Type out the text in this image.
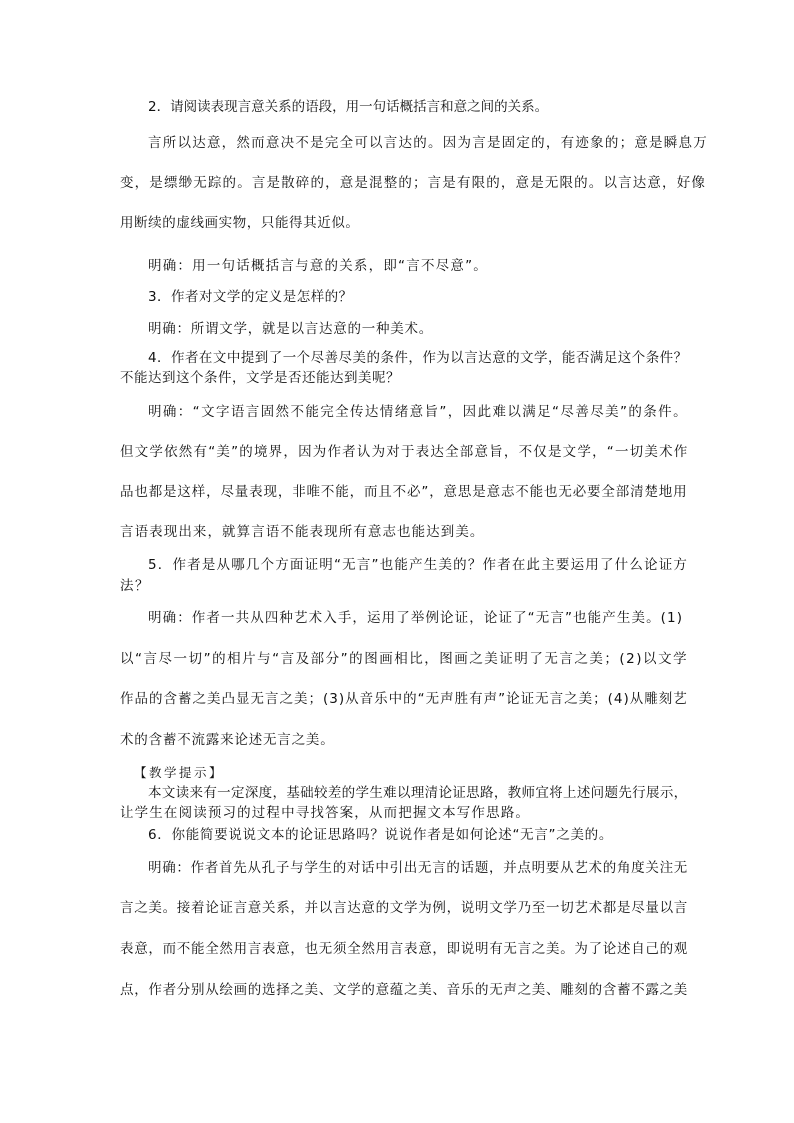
2．请阅读表现言意关系的语段，用一句话概括言和意之间的关系。
言所以达意，然而意决不是完全可以言达的。因为言是固定的，有迹象的；意是瞬息万
变，是缥缈无踪的。言是散碎的，意是混整的；言是有限的，意是无限的。以言达意，好像
用断续的虚线画实物，只能得其近似。
明确：用一句话概括言与意的关系，即“言不尽意”。
3．作者对文学的定义是怎样的？
明确：所谓文学，就是以言达意的一种美术。
4．作者在文中提到了一个尽善尽美的条件，作为以言达意的文学，能否满足这个条件？
不能达到这个条件，文学是否还能达到美呢？
明确：“文字语言固然不能完全传达情绪意旨”，因此难以满足“尽善尽美”的条件。
但文学依然有“美”的境界，因为作者认为对于表达全部意旨，不仅是文学，“一切美术作
品也都是这样，尽量表现，非唯不能，而且不必”，意思是意志不能也无必要全部清楚地用
言语表现出来，就算言语不能表现所有意志也能达到美。
5．作者是从哪几个方面证明“无言”也能产生美的？作者在此主要运用了什么论证方
法？
明确：作者一共从四种艺术入手，运用了举例论证，论证了“无言”也能产生美。(1)
以“言尽一切”的相片与“言及部分”的图画相比，图画之美证明了无言之美；(2)以文学
作品的含蓄之美凸显无言之美；(3)从音乐中的“无声胜有声”论证无言之美；(4)从雕刻艺
术的含蓄不流露来论述无言之美。
【教学提示】
本文读来有一定深度，基础较差的学生难以理清论证思路，教师宜将上述问题先行展示，
让学生在阅读预习的过程中寻找答案，从而把握文本写作思路。
6．你能简要说说文本的论证思路吗？说说作者是如何论述“无言”之美的。
明确：作者首先从孔子与学生的对话中引出无言的话题，并点明要从艺术的角度关注无
言之美。接着论证言意关系，并以言达意的文学为例，说明文学乃至一切艺术都是尽量以言
表意，而不能全然用言表意，也无须全然用言表意，即说明有无言之美。为了论述自己的观
点，作者分别从绘画的选择之美、文学的意蕴之美、音乐的无声之美、雕刻的含蓄不露之美
